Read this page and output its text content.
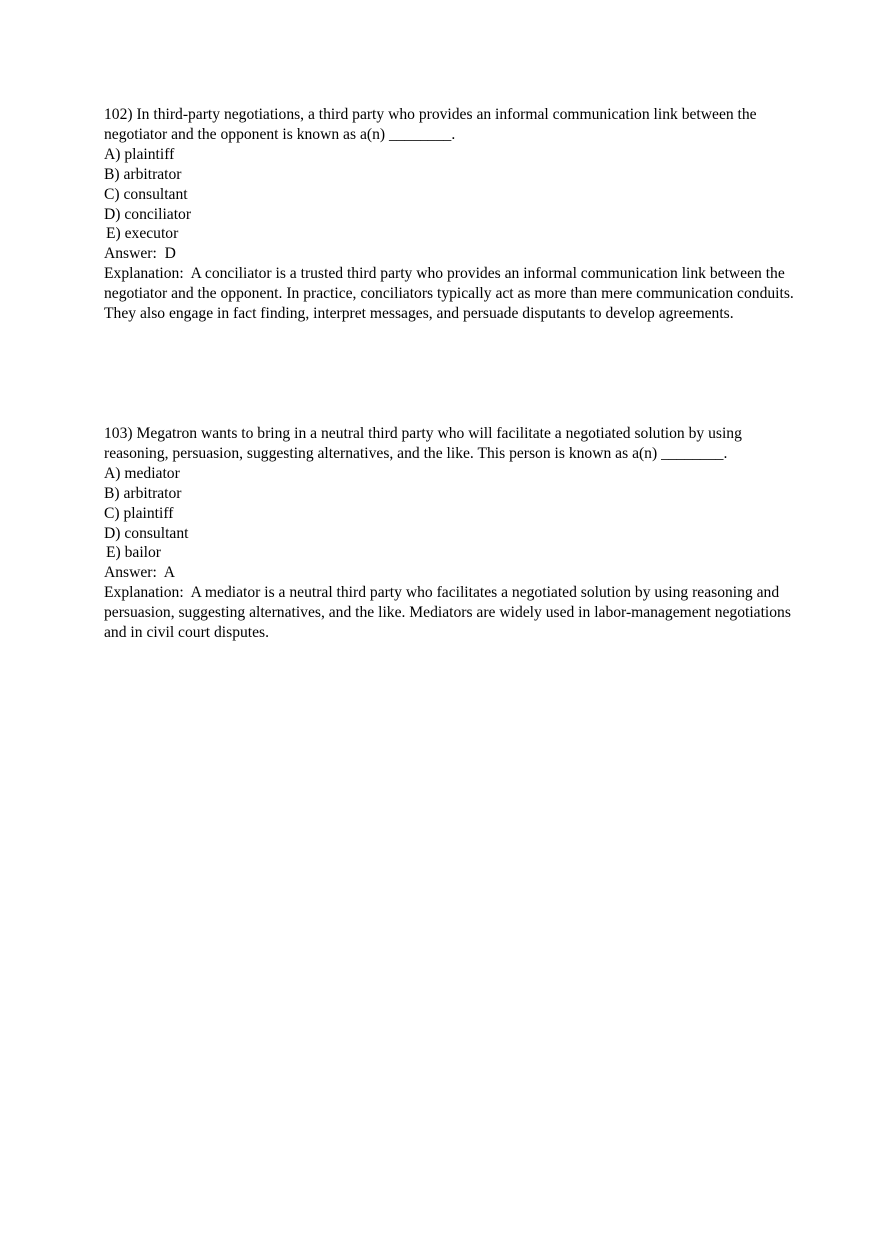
102) In third-party negotiations, a third party who provides an informal communication link between the negotiator and the opponent is known as a(n) ________.
A) plaintiff
B) arbitrator
C) consultant
D) conciliator
E) executor
Answer:  D
Explanation:  A conciliator is a trusted third party who provides an informal communication link between the negotiator and the opponent. In practice, conciliators typically act as more than mere communication conduits. They also engage in fact finding, interpret messages, and persuade disputants to develop agreements.
103) Megatron wants to bring in a neutral third party who will facilitate a negotiated solution by using reasoning, persuasion, suggesting alternatives, and the like. This person is known as a(n) ________.
A) mediator
B) arbitrator
C) plaintiff
D) consultant
E) bailor
Answer:  A
Explanation:  A mediator is a neutral third party who facilitates a negotiated solution by using reasoning and persuasion, suggesting alternatives, and the like. Mediators are widely used in labor-management negotiations and in civil court disputes.
